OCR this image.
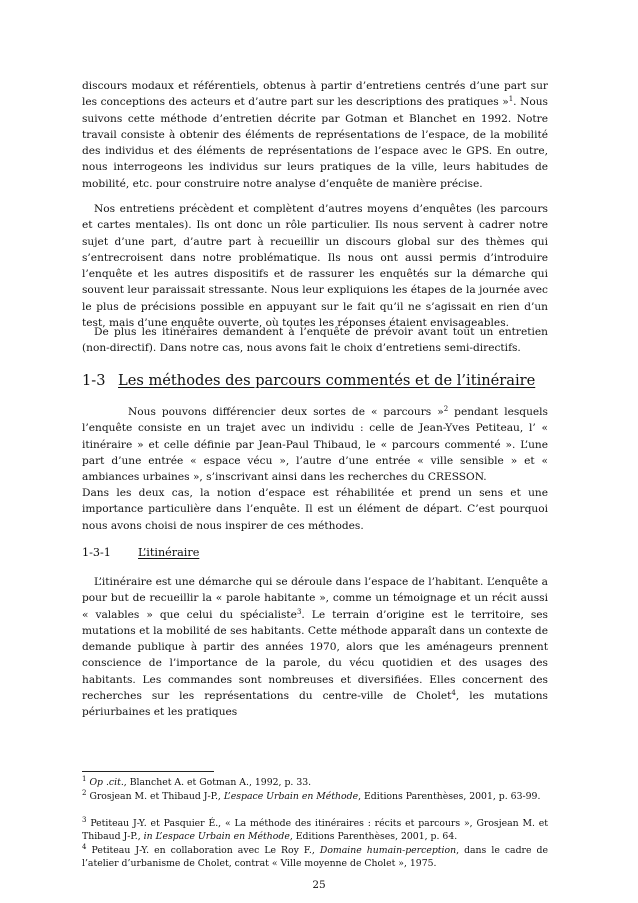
discours modaux et référentiels, obtenus à partir d’entretiens centrés d’une part sur les conceptions des acteurs et d’autre part sur les descriptions des pratiques »$^1$. Nous suivons cette méthode d’entretien décrite par Gotman et Blanchet en 1992. Notre travail consiste à obtenir des éléments de représentations de l’espace, de la mobilité des individus et des éléments de représentations de l’espace avec le GPS. En outre, nous interrogeons les individus sur leurs pratiques de la ville, leurs habitudes de mobilité, etc. pour construire notre analyse d’enquête de manière précise.

Nos entretiens précèdent et complètent d’autres moyens d’enquêtes (les parcours et cartes mentales). Ils ont donc un rôle particulier. Ils nous servent à cadrer notre sujet d’une part, d’autre part à recueillir un discours global sur des thèmes qui s’entrecroisent dans notre problématique. Ils nous ont aussi permis d’introduire l’enquête et les autres dispositifs et de rassurer les enquêtés sur la démarche qui souvent leur paraissait stressante. Nous leur expliquions les étapes de la journée avec le plus de précisions possible en appuyant sur le fait qu’il ne s’agissait en rien d’un test, mais d’une enquête ouverte, où toutes les réponses étaient envisageables.

De plus les itinéraires demandent à l’enquête de prévoir avant tout un entretien (non-directif). Dans notre cas, nous avons fait le choix d’entretiens semi-directifs.

1-3 Les méthodes des parcours commentés et de l’itinéraire

Nous pouvons différencier deux sortes de « parcours »$^2$ pendant lesquels l’enquête consiste en un trajet avec un individu : celle de Jean-Yves Petiteau, l’ « itinéraire » et celle définie par Jean-Paul Thibaud, le « parcours commenté ». L’une part d’une entrée « espace vécu », l’autre d’une entrée « ville sensible » et « ambiances urbaines », s’inscrivant ainsi dans les recherches du CRESSON.

Dans les deux cas, la notion d’espace est réhabilitée et prend un sens et une importance particulière dans l’enquête. Il est un élément de départ. C’est pourquoi nous avons choisi de nous inspirer de ces méthodes.

1-3-1 L’itinéraire

L’itinéraire est une démarche qui se déroule dans l’espace de l’habitant. L’enquête a pour but de recueillir la « parole habitante », comme un témoignage et un récit aussi « valables » que celui du spécialiste$^3$. Le terrain d’origine est le territoire, ses mutations et la mobilité de ses habitants. Cette méthode apparaît dans un contexte de demande publique à partir des années 1970, alors que les aménageurs prennent conscience de l’importance de la parole, du vécu quotidien et des usages des habitants. Les commandes sont nombreuses et diversifiées. Elles concernent des recherches sur les représentations du centre-ville de Cholet$^4$, les mutations périurbaines et les pratiques

$^1$ Op .cit., Blanchet A. et Gotman A., 1992, p. 33.
$^2$ Grosjean M. et Thibaud J-P., L’espace Urbain en Méthode, Editions Parenthèses, 2001, p. 63-99.
$^3$ Petiteau J-Y. et Pasquier É., « La méthode des itinéraires : récits et parcours », Grosjean M. et Thibaud J-P., in L’espace Urbain en Méthode, Editions Parenthèses, 2001, p. 64.
$^4$ Petiteau J-Y. en collaboration avec Le Roy F., Domaine humain-perception, dans le cadre de l’atelier d’urbanisme de Cholet, contrat « Ville moyenne de Cholet », 1975.
25
